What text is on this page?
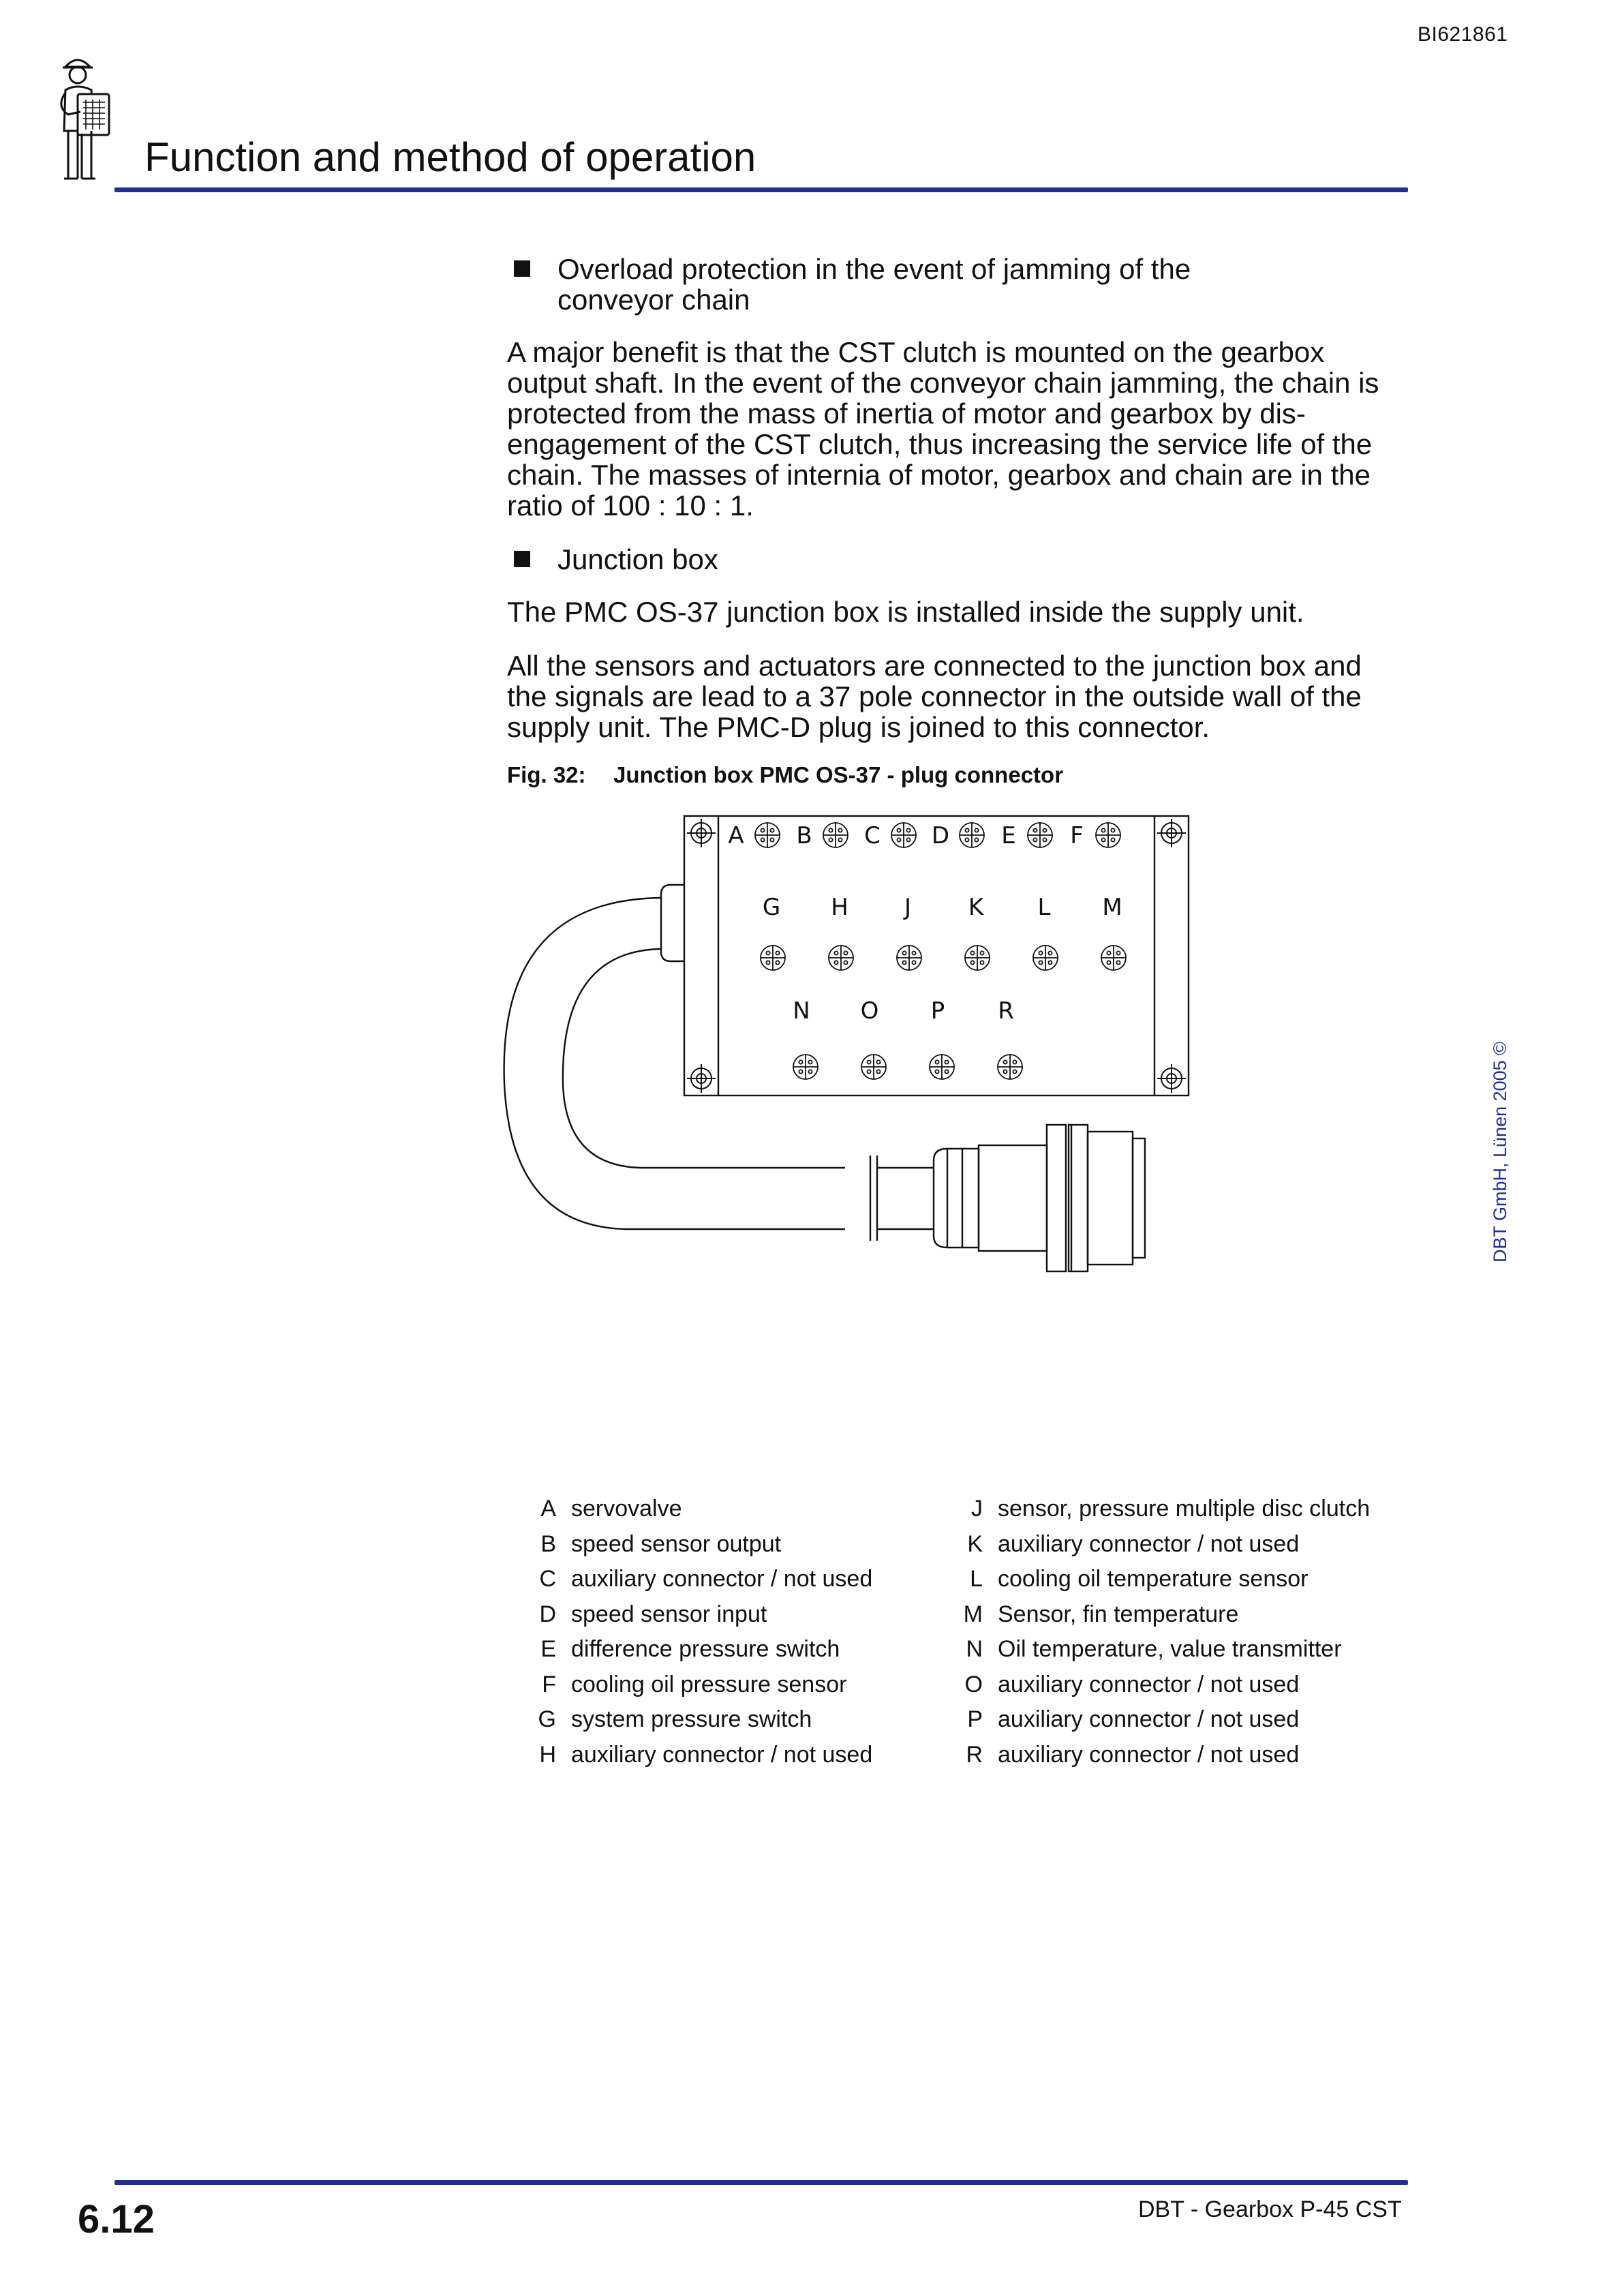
BI621861
Function and method of operation
Overload protection in the event of jamming of the conveyor chain

A major benefit is that the CST clutch is mounted on the gearbox output shaft. In the event of the conveyor chain jamming, the chain is protected from the mass of inertia of motor and gearbox by dis-engagement of the CST clutch, thus increasing the service life of the chain. The masses of internia of motor, gearbox and chain are in the ratio of 100 : 10 : 1.

Junction box

The PMC OS-37 junction box is installed inside the supply unit.

All the sensors and actuators are connected to the junction box and the signals are lead to a 37 pole connector in the outside wall of the supply unit. The PMC-D plug is joined to this connector.

Fig. 32: Junction box PMC OS-37 - plug connector
A B C D E F
G H J K L M
N O P R
A servovalve
B speed sensor output
C auxiliary connector / not used
D speed sensor input
E difference pressure switch
F cooling oil pressure sensor
G system pressure switch
H auxiliary connector / not used
J sensor, pressure multiple disc clutch
K auxiliary connector / not used
L cooling oil temperature sensor
M Sensor, fin temperature
N Oil temperature, value transmitter
O auxiliary connector / not used
P auxiliary connector / not used
R auxiliary connector / not used
DBT GmbH, Lünen 2005 ©
6.12	DBT - Gearbox P-45 CST
